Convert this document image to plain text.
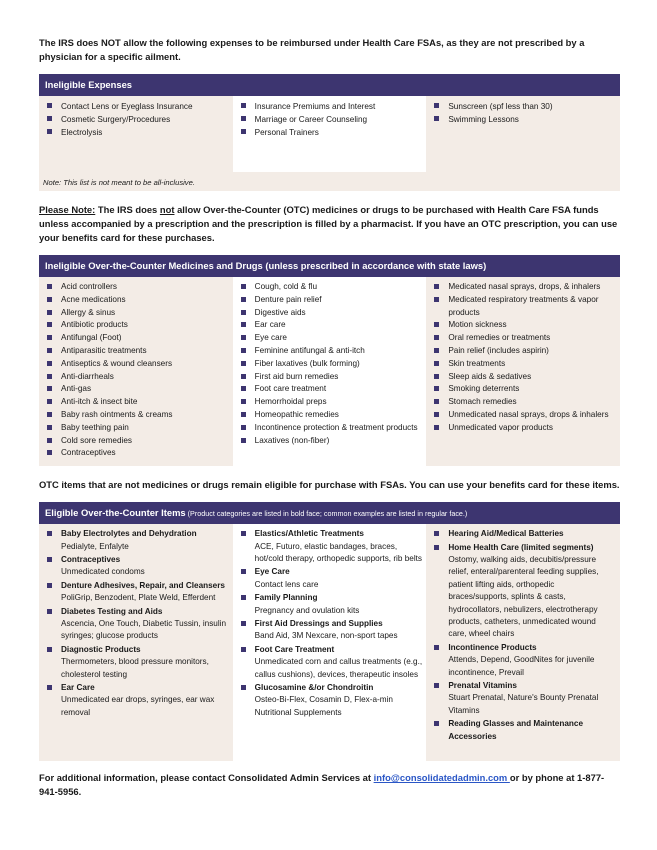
The IRS does NOT allow the following expenses to be reimbursed under Health Care FSAs, as they are not prescribed by a physician for a specific ailment.

Ineligible Expenses
Contact Lens or Eyeglass Insurance
Cosmetic Surgery/Procedures
Electrolysis
Insurance Premiums and Interest
Marriage or Career Counseling
Personal Trainers
Sunscreen (spf less than 30)
Swimming Lessons
Note: This list is not meant to be all-inclusive.

Please Note: The IRS does not allow Over-the-Counter (OTC) medicines or drugs to be purchased with Health Care FSA funds unless accompanied by a prescription and the prescription is filled by a pharmacist. If you have an OTC prescription, you can use your benefits card for these purchases.

Ineligible Over-the-Counter Medicines and Drugs (unless prescribed in accordance with state laws)
Acid controllers
Acne medications
Allergy & sinus
Antibiotic products
Antifungal (Foot)
Antiparasitic treatments
Antiseptics & wound cleansers
Anti-diarrheals
Anti-gas
Anti-itch & insect bite
Baby rash ointments & creams
Baby teething pain
Cold sore remedies
Contraceptives
Cough, cold & flu
Denture pain relief
Digestive aids
Ear care
Eye care
Feminine antifungal & anti-itch
Fiber laxatives (bulk forming)
First aid burn remedies
Foot care treatment
Hemorrhoidal preps
Homeopathic remedies
Incontinence protection & treatment products
Laxatives (non-fiber)
Medicated nasal sprays, drops, & inhalers
Medicated respiratory treatments & vapor products
Motion sickness
Oral remedies or treatments
Pain relief (includes aspirin)
Skin treatments
Sleep aids & sedatives
Smoking deterrents
Stomach remedies
Unmedicated nasal sprays, drops & inhalers
Unmedicated vapor products

OTC items that are not medicines or drugs remain eligible for purchase with FSAs. You can use your benefits card for these items.

Eligible Over-the-Counter Items (Product categories are listed in bold face; common examples are listed in regular face.)
Baby Electrolytes and Dehydration
Pedialyte, Enfalyte
Contraceptives
Unmedicated condoms
Denture Adhesives, Repair, and Cleansers
PoliGrip, Benzodent, Plate Weld, Efferdent
Diabetes Testing and Aids
Ascencia, One Touch, Diabetic Tussin, insulin syringes; glucose products
Diagnostic Products
Thermometers, blood pressure monitors, cholesterol testing
Ear Care
Unmedicated ear drops, syringes, ear wax removal
Elastics/Athletic Treatments
ACE, Futuro, elastic bandages, braces, hot/cold therapy, orthopedic supports, rib belts
Eye Care
Contact lens care
Family Planning
Pregnancy and ovulation kits
First Aid Dressings and Supplies
Band Aid, 3M Nexcare, non-sport tapes
Foot Care Treatment
Unmedicated corn and callus treatments (e.g., callus cushions), devices, therapeutic insoles
Glucosamine &/or Chondroitin
Osteo-Bi-Flex, Cosamin D, Flex-a-min Nutritional Supplements
Hearing Aid/Medical Batteries
Home Health Care (limited segments)
Ostomy, walking aids, decubitis/pressure relief, enteral/parenteral feeding supplies, patient lifting aids, orthopedic braces/supports, splints & casts, hydrocollators, nebulizers, electrotherapy products, catheters, unmedicated wound care, wheel chairs
Incontinence Products
Attends, Depend, GoodNites for juvenile incontinence, Prevail
Prenatal Vitamins
Stuart Prenatal, Nature's Bounty Prenatal Vitamins
Reading Glasses and Maintenance Accessories

For additional information, please contact Consolidated Admin Services at info@consolidatedadmin.com or by phone at 1-877-941-5956.
